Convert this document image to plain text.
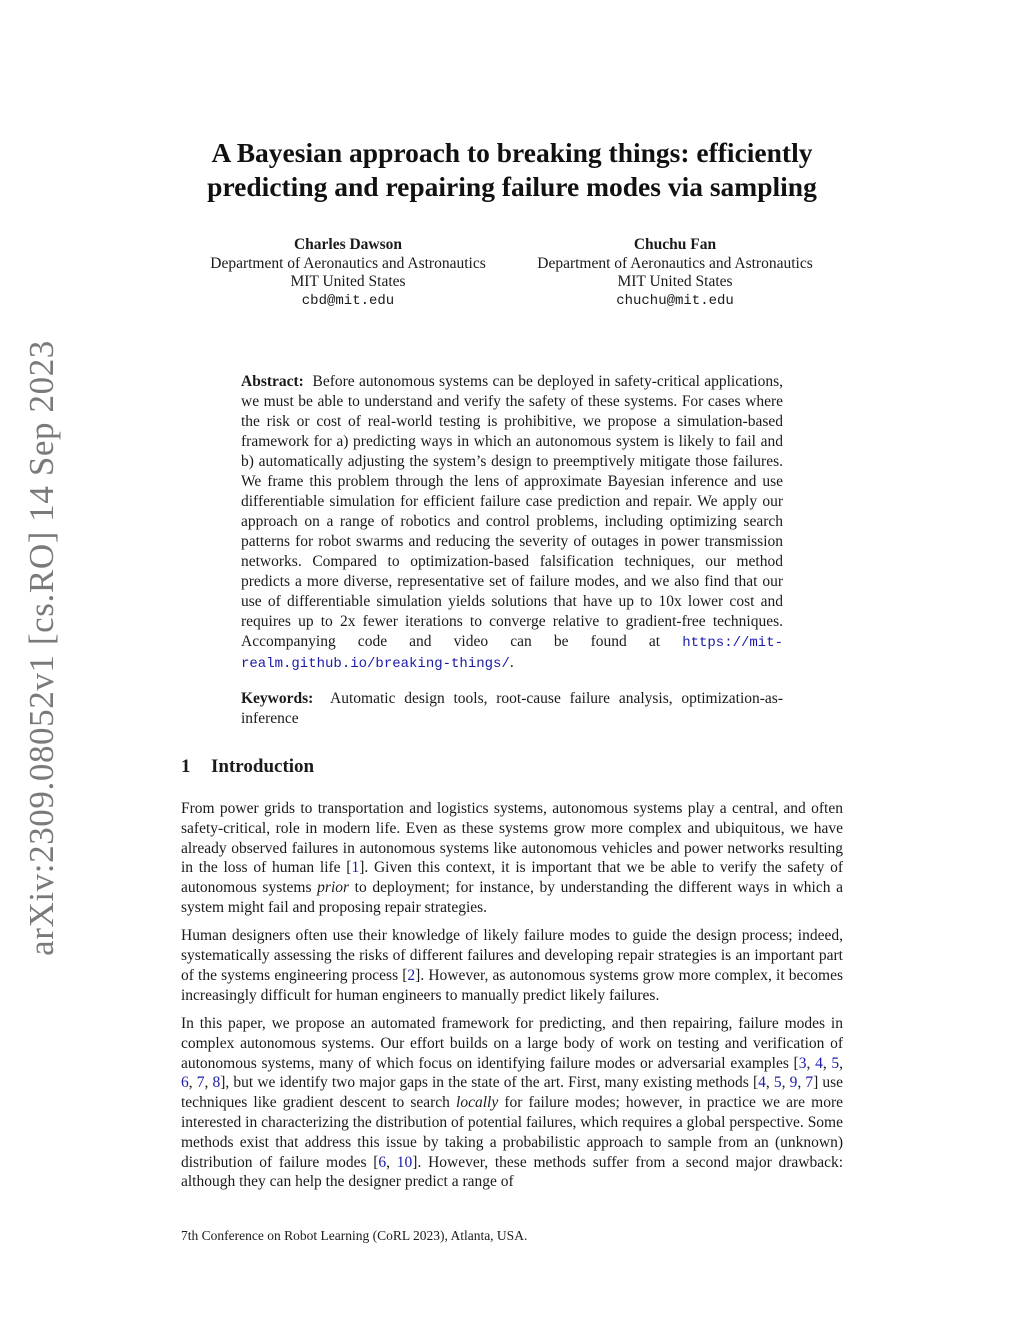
arXiv:2309.08052v1 [cs.RO] 14 Sep 2023
A Bayesian approach to breaking things: efficiently
predicting and repairing failure modes via sampling
Charles Dawson
Department of Aeronautics and Astronautics
MIT United States
cbd@mit.edu
Chuchu Fan
Department of Aeronautics and Astronautics
MIT United States
chuchu@mit.edu
Abstract: Before autonomous systems can be deployed in safety-critical applications, we must be able to understand and verify the safety of these systems. For cases where the risk or cost of real-world testing is prohibitive, we propose a simulation-based framework for a) predicting ways in which an autonomous system is likely to fail and b) automatically adjusting the system’s design to preemptively mitigate those failures. We frame this problem through the lens of approximate Bayesian inference and use differentiable simulation for efficient failure case prediction and repair. We apply our approach on a range of robotics and control problems, including optimizing search patterns for robot swarms and reducing the severity of outages in power transmission networks. Compared to optimization-based falsification techniques, our method predicts a more diverse, representative set of failure modes, and we also find that our use of differentiable simulation yields solutions that have up to 10x lower cost and requires up to 2x fewer iterations to converge relative to gradient-free techniques. Accompanying code and video can be found at https://mit-realm.github.io/breaking-things/.
Keywords: Automatic design tools, root-cause failure analysis, optimization-as-inference
1 Introduction

From power grids to transportation and logistics systems, autonomous systems play a central, and often safety-critical, role in modern life. Even as these systems grow more complex and ubiquitous, we have already observed failures in autonomous systems like autonomous vehicles and power networks resulting in the loss of human life [1]. Given this context, it is important that we be able to verify the safety of autonomous systems prior to deployment; for instance, by understanding the different ways in which a system might fail and proposing repair strategies.

Human designers often use their knowledge of likely failure modes to guide the design process; indeed, systematically assessing the risks of different failures and developing repair strategies is an important part of the systems engineering process [2]. However, as autonomous systems grow more complex, it becomes increasingly difficult for human engineers to manually predict likely failures.

In this paper, we propose an automated framework for predicting, and then repairing, failure modes in complex autonomous systems. Our effort builds on a large body of work on testing and verification of autonomous systems, many of which focus on identifying failure modes or adversarial examples [3, 4, 5, 6, 7, 8], but we identify two major gaps in the state of the art. First, many existing methods [4, 5, 9, 7] use techniques like gradient descent to search locally for failure modes; however, in practice we are more interested in characterizing the distribution of potential failures, which requires a global perspective. Some methods exist that address this issue by taking a probabilistic approach to sample from an (unknown) distribution of failure modes [6, 10]. However, these methods suffer from a second major drawback: although they can help the designer predict a range of

7th Conference on Robot Learning (CoRL 2023), Atlanta, USA.
